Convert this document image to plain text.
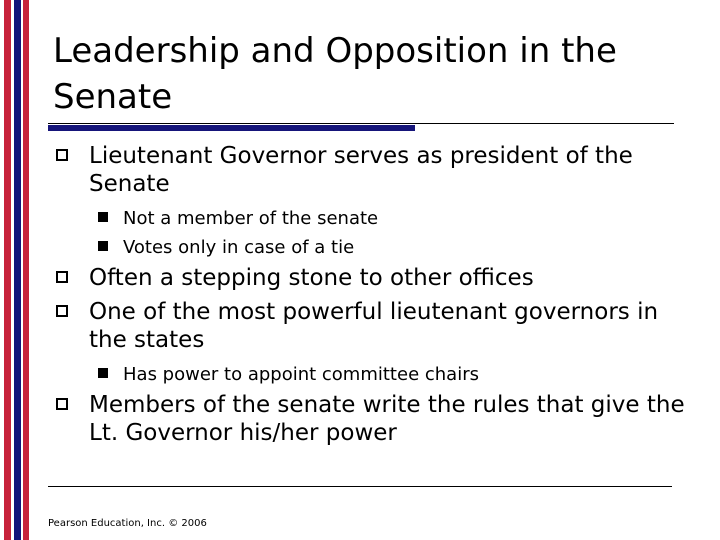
Leadership and Opposition in the Senate
Lieutenant Governor serves as president of the Senate
Not a member of the senate
Votes only in case of a tie
Often a stepping stone to other offices
One of the most powerful lieutenant governors in the states
Has power to appoint committee chairs
Members of the senate write the rules that give the Lt. Governor his/her power
Pearson Education, Inc. © 2006
